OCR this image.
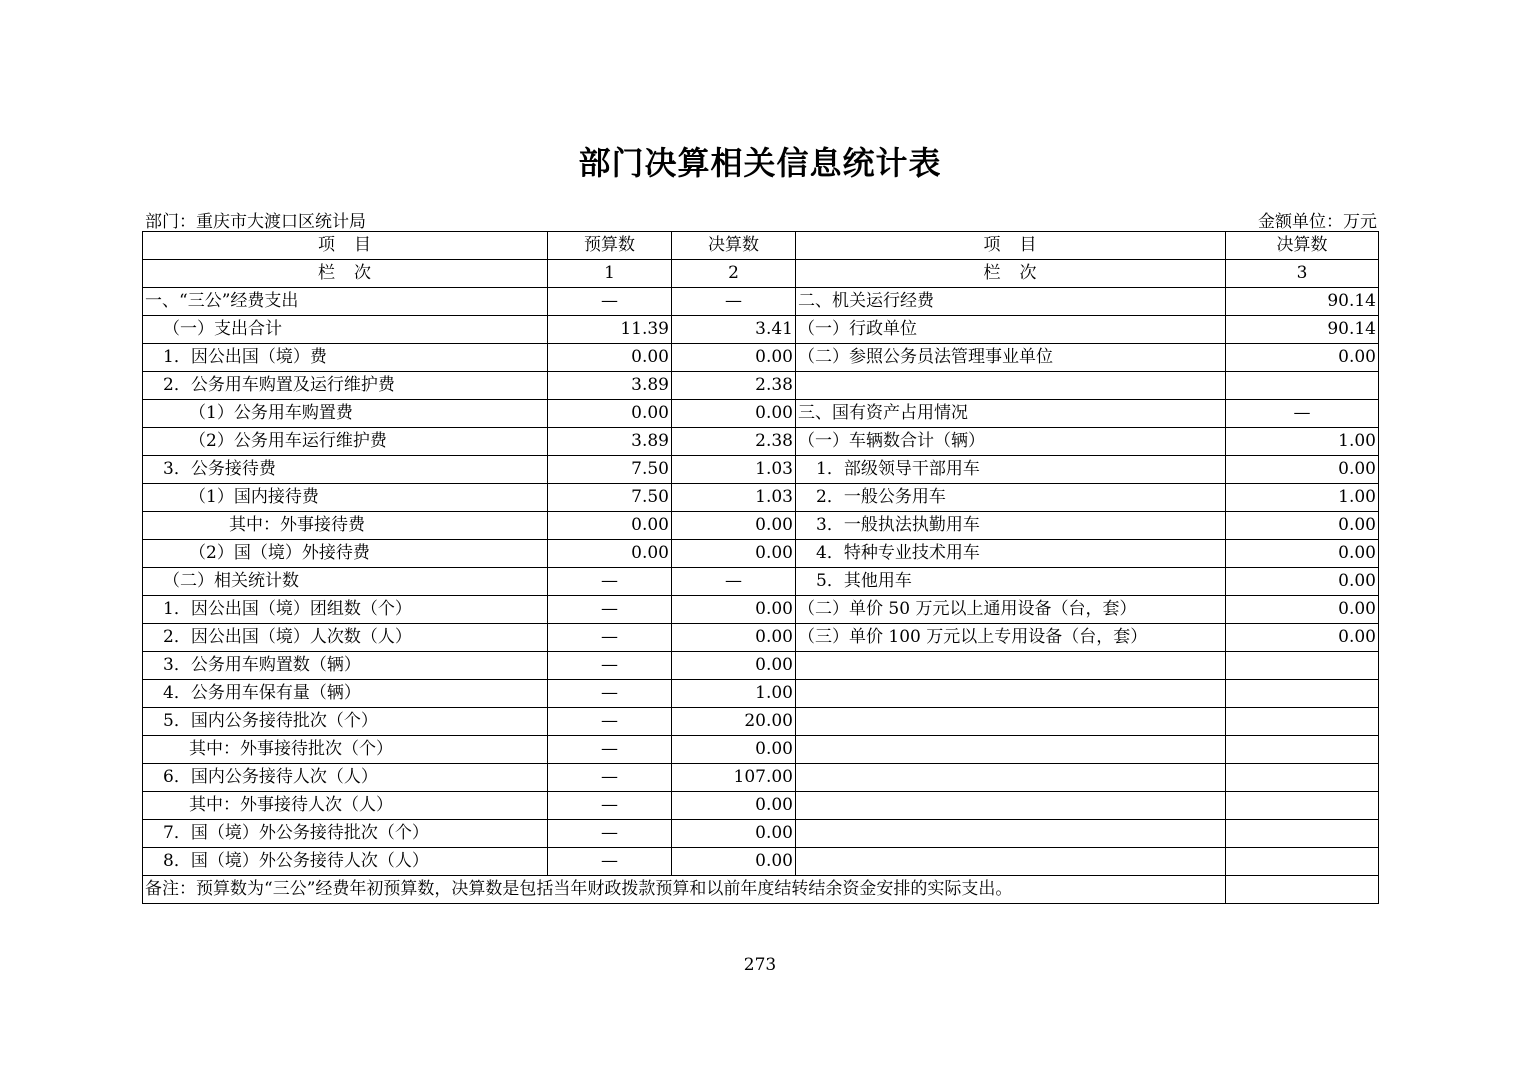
部门决算相关信息统计表
部门：重庆市大渡口区统计局	金额单位：万元
项　目	预算数	决算数	项　目	决算数
栏　次	1	2	栏　次	3
一、“三公”经费支出	—	—	二、机关运行经费	90.14
（一）支出合计	11.39	3.41	（一）行政单位	90.14
1．因公出国（境）费	0.00	0.00	（二）参照公务员法管理事业单位	0.00
2．公务用车购置及运行维护费	3.89	2.38		
（1）公务用车购置费	0.00	0.00	三、国有资产占用情况	—
（2）公务用车运行维护费	3.89	2.38	（一）车辆数合计（辆）	1.00
3．公务接待费	7.50	1.03	1．部级领导干部用车	0.00
（1）国内接待费	7.50	1.03	2．一般公务用车	1.00
其中：外事接待费	0.00	0.00	3．一般执法执勤用车	0.00
（2）国（境）外接待费	0.00	0.00	4．特种专业技术用车	0.00
（二）相关统计数	—	—	5．其他用车	0.00
1．因公出国（境）团组数（个）	—	0.00	（二）单价 50 万元以上通用设备（台，套）	0.00
2．因公出国（境）人次数（人）	—	0.00	（三）单价 100 万元以上专用设备（台，套）	0.00
3．公务用车购置数（辆）	—	0.00		
4．公务用车保有量（辆）	—	1.00		
5．国内公务接待批次（个）	—	20.00		
其中：外事接待批次（个）	—	0.00		
6．国内公务接待人次（人）	—	107.00		
其中：外事接待人次（人）	—	0.00		
7．国（境）外公务接待批次（个）	—	0.00		
8．国（境）外公务接待人次（人）	—	0.00		
备注：预算数为“三公”经费年初预算数，决算数是包括当年财政拨款预算和以前年度结转结余资金安排的实际支出。				
273
